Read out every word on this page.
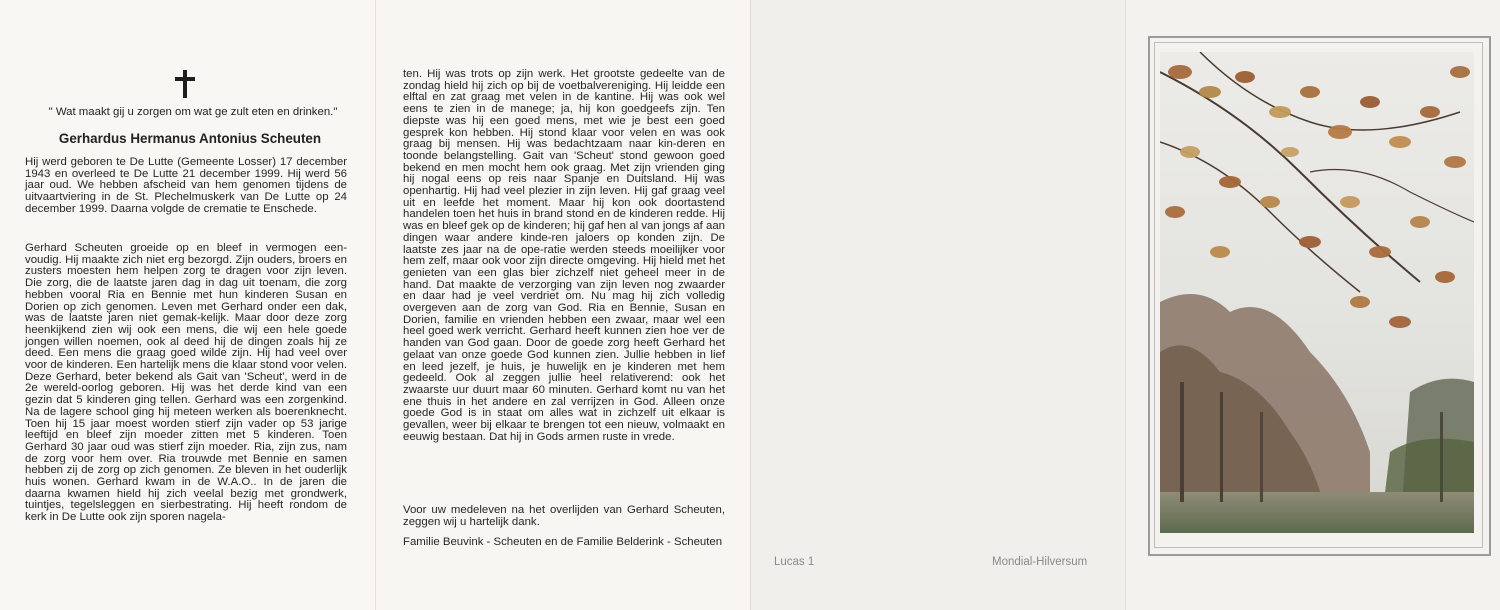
" Wat maakt gij u zorgen om wat ge zult eten en drinken."
Gerhardus Hermanus Antonius Scheuten
Hij werd geboren te De Lutte (Gemeente Losser) 17 december 1943 en overleed te De Lutte 21 december 1999. Hij werd 56 jaar oud. We hebben afscheid van hem genomen tijdens de uitvaartviering in de St. Plechelmuskerk van De Lutte op 24 december 1999. Daarna volgde de crematie te Enschede.
Gerhard Scheuten groeide op en bleef in vermogen een-voudig. Hij maakte zich niet erg bezorgd. Zijn ouders, broers en zusters moesten hem helpen zorg te dragen voor zijn leven. Die zorg, die de laatste jaren dag in dag uit toenam, die zorg hebben vooral Ria en Bennie met hun kinderen Susan en Dorien op zich genomen. Leven met Gerhard onder een dak, was de laatste jaren niet gemak-kelijk. Maar door deze zorg heenkijkend zien wij ook een mens, die wij een hele goede jongen willen noemen, ook al deed hij de dingen zoals hij ze deed. Een mens die graag goed wilde zijn. Hij had veel over voor de kinderen. Een hartelijk mens die klaar stond voor velen. Deze Gerhard, beter bekend als Gait van 'Scheut', werd in de 2e wereld-oorlog geboren. Hij was het derde kind van een gezin dat 5 kinderen ging tellen. Gerhard was een zorgenkind. Na de lagere school ging hij meteen werken als boerenknecht. Toen hij 15 jaar moest worden stierf zijn vader op 53 jarige leeftijd en bleef zijn moeder zitten met 5 kinderen. Toen Gerhard 30 jaar oud was stierf zijn moeder. Ria, zijn zus, nam de zorg voor hem over. Ria trouwde met Bennie en samen hebben zij de zorg op zich genomen. Ze bleven in het ouderlijk huis wonen. Gerhard kwam in de W.A.O.. In de jaren die daarna kwamen hield hij zich veelal bezig met grondwerk, tuintjes, tegelsleggen en sierbestrating. Hij heeft rondom de kerk in De Lutte ook zijn sporen nagela-
ten. Hij was trots op zijn werk. Het grootste gedeelte van de zondag hield hij zich op bij de voetbalvereniging. Hij leidde een elftal en zat graag met velen in de kantine. Hij was ook wel eens te zien in de manege; ja, hij kon goedgeefs zijn. Ten diepste was hij een goed mens, met wie je best een goed gesprek kon hebben. Hij stond klaar voor velen en was ook graag bij mensen. Hij was bedachtzaam naar kin-deren en toonde belangstelling. Gait van 'Scheut' stond gewoon goed bekend en men mocht hem ook graag. Met zijn vrienden ging hij nogal eens op reis naar Spanje en Duitsland. Hij was openhartig. Hij had veel plezier in zijn leven. Hij gaf graag veel uit en leefde het moment. Maar hij kon ook doortastend handelen toen het huis in brand stond en de kinderen redde. Hij was en bleef gek op de kinderen; hij gaf hen al van jongs af aan dingen waar andere kinde-ren jaloers op konden zijn. De laatste zes jaar na de ope-ratie werden steeds moeilijker voor hem zelf, maar ook voor zijn directe omgeving. Hij hield met het genieten van een glas bier zichzelf niet geheel meer in de hand. Dat maakte de verzorging van zijn leven nog zwaarder en daar had je veel verdriet om. Nu mag hij zich volledig overgeven aan de zorg van God. Ria en Bennie, Susan en Dorien, familie en vrienden hebben een zwaar, maar wel een heel goed werk verricht. Gerhard heeft kunnen zien hoe ver de handen van God gaan. Door de goede zorg heeft Gerhard het gelaat van onze goede God kunnen zien. Jullie hebben in lief en leed jezelf, je huis, je huwelijk en je kinderen met hem gedeeld. Ook al zeggen jullie heel relativerend: ook het zwaarste uur duurt maar 60 minuten. Gerhard komt nu van het ene thuis in het andere en zal verrijzen in God. Alleen onze goede God is in staat om alles wat in zichzelf uit elkaar is gevallen, weer bij elkaar te brengen tot een nieuw, volmaakt en eeuwig bestaan. Dat hij in Gods armen ruste in vrede.
Voor uw medeleven na het overlijden van Gerhard Scheuten, zeggen wij u hartelijk dank.
Familie Beuvink - Scheuten en de Familie Belderink - Scheuten
Lucas 1	Mondial-Hilversum
